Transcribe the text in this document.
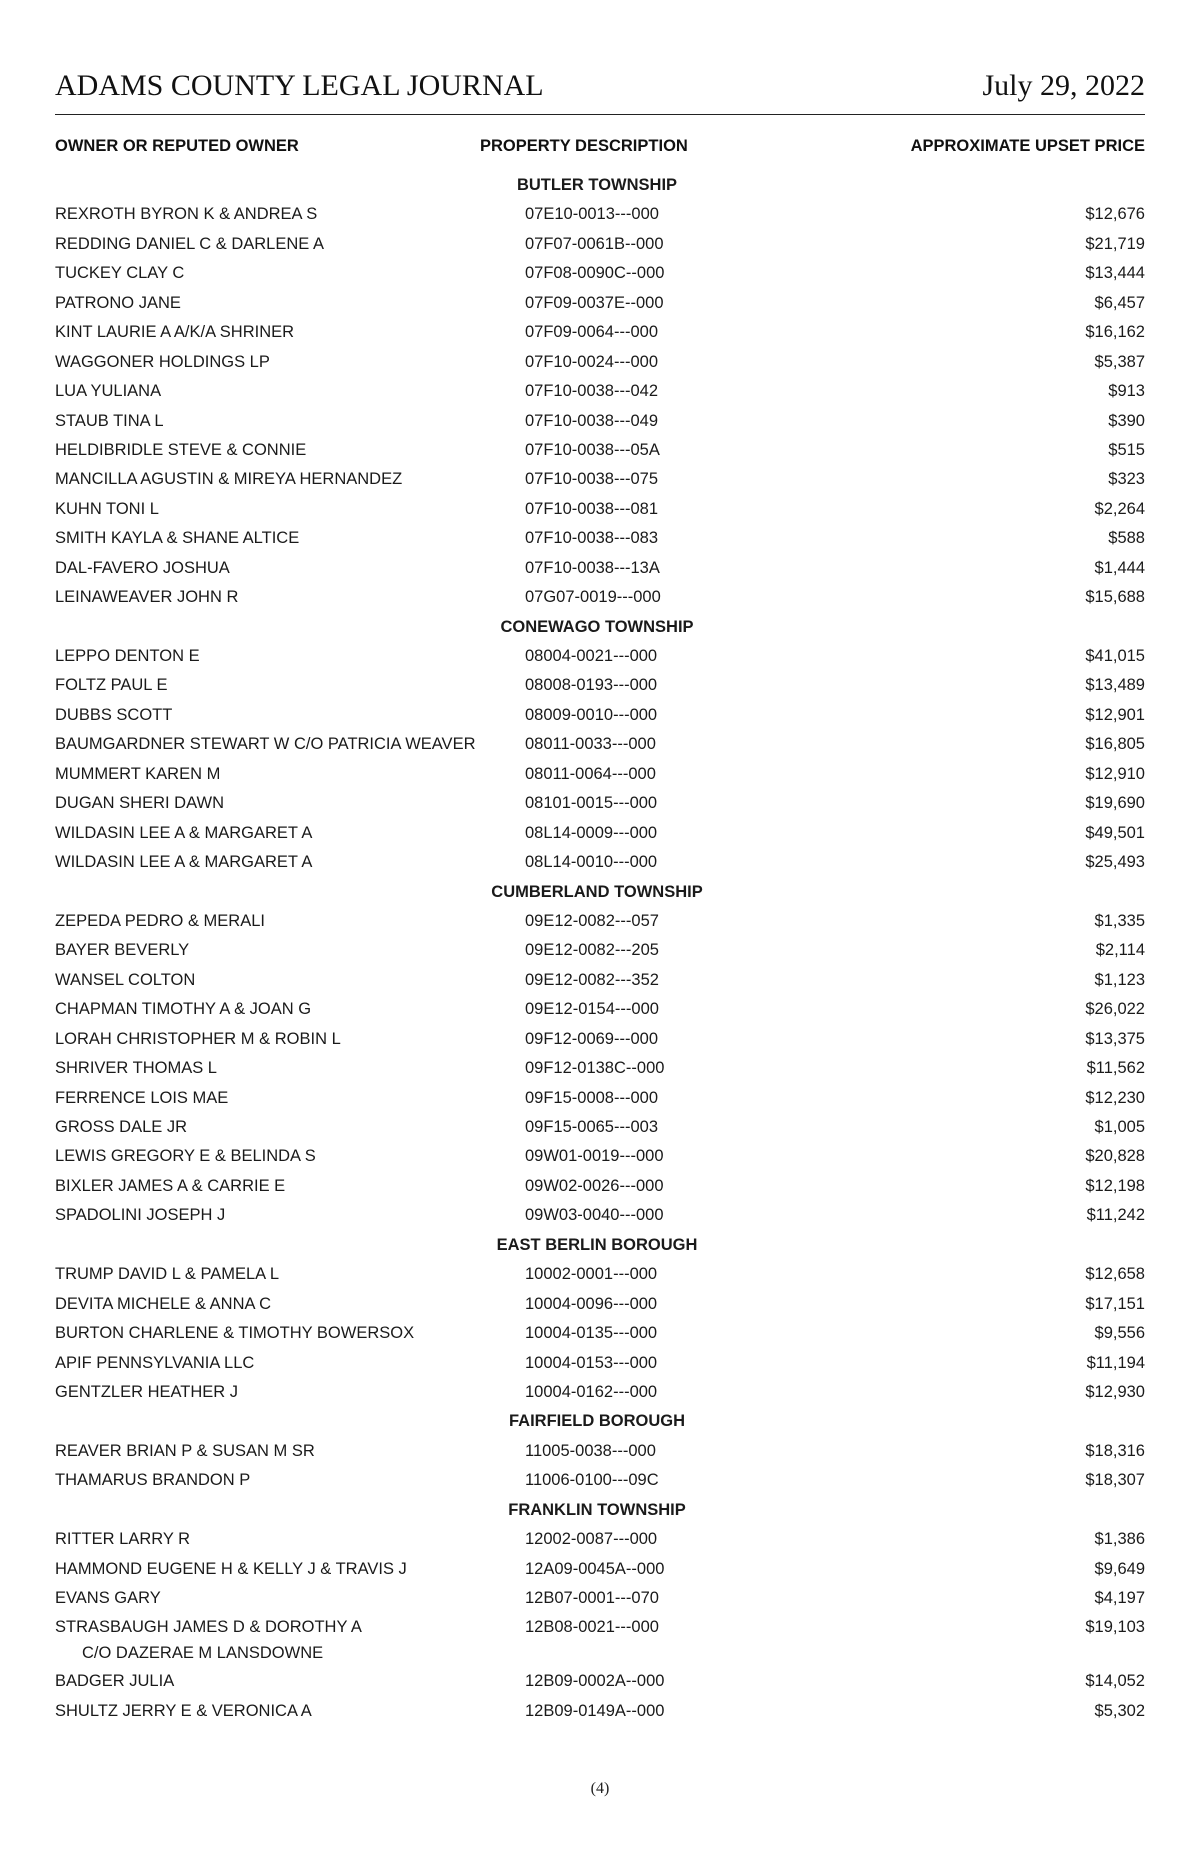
ADAMS COUNTY LEGAL JOURNAL	July 29, 2022
OWNER OR REPUTED OWNER	PROPERTY DESCRIPTION	APPROXIMATE UPSET PRICE
BUTLER TOWNSHIP
REXROTH BYRON K & ANDREA S	07E10-0013---000	$12,676
REDDING DANIEL C & DARLENE A	07F07-0061B--000	$21,719
TUCKEY CLAY C	07F08-0090C--000	$13,444
PATRONO JANE	07F09-0037E--000	$6,457
KINT LAURIE A A/K/A SHRINER	07F09-0064---000	$16,162
WAGGONER HOLDINGS LP	07F10-0024---000	$5,387
LUA YULIANA	07F10-0038---042	$913
STAUB TINA L	07F10-0038---049	$390
HELDIBRIDLE STEVE & CONNIE	07F10-0038---05A	$515
MANCILLA AGUSTIN & MIREYA HERNANDEZ	07F10-0038---075	$323
KUHN TONI L	07F10-0038---081	$2,264
SMITH KAYLA & SHANE ALTICE	07F10-0038---083	$588
DAL-FAVERO JOSHUA	07F10-0038---13A	$1,444
LEINAWEAVER JOHN R	07G07-0019---000	$15,688
CONEWAGO TOWNSHIP
LEPPO DENTON E	08004-0021---000	$41,015
FOLTZ PAUL E	08008-0193---000	$13,489
DUBBS SCOTT	08009-0010---000	$12,901
BAUMGARDNER STEWART W C/O PATRICIA WEAVER	08011-0033---000	$16,805
MUMMERT KAREN M	08011-0064---000	$12,910
DUGAN SHERI DAWN	08101-0015---000	$19,690
WILDASIN LEE A & MARGARET A	08L14-0009---000	$49,501
WILDASIN LEE A & MARGARET A	08L14-0010---000	$25,493
CUMBERLAND TOWNSHIP
ZEPEDA PEDRO & MERALI	09E12-0082---057	$1,335
BAYER BEVERLY	09E12-0082---205	$2,114
WANSEL COLTON	09E12-0082---352	$1,123
CHAPMAN TIMOTHY A & JOAN G	09E12-0154---000	$26,022
LORAH CHRISTOPHER M & ROBIN L	09F12-0069---000	$13,375
SHRIVER THOMAS L	09F12-0138C--000	$11,562
FERRENCE LOIS MAE	09F15-0008---000	$12,230
GROSS DALE JR	09F15-0065---003	$1,005
LEWIS GREGORY E & BELINDA S	09W01-0019---000	$20,828
BIXLER JAMES A & CARRIE E	09W02-0026---000	$12,198
SPADOLINI JOSEPH J	09W03-0040---000	$11,242
EAST BERLIN BOROUGH
TRUMP DAVID L & PAMELA L	10002-0001---000	$12,658
DEVITA MICHELE & ANNA C	10004-0096---000	$17,151
BURTON CHARLENE & TIMOTHY BOWERSOX	10004-0135---000	$9,556
APIF PENNSYLVANIA LLC	10004-0153---000	$11,194
GENTZLER HEATHER J	10004-0162---000	$12,930
FAIRFIELD BOROUGH
REAVER BRIAN P & SUSAN M SR	11005-0038---000	$18,316
THAMARUS BRANDON P	11006-0100---09C	$18,307
FRANKLIN TOWNSHIP
RITTER LARRY R	12002-0087---000	$1,386
HAMMOND EUGENE H & KELLY J & TRAVIS J	12A09-0045A--000	$9,649
EVANS GARY	12B07-0001---070	$4,197
STRASBAUGH JAMES D & DOROTHY A
C/O DAZERAE M LANSDOWNE
12B08-0021---000	$19,103
BADGER JULIA	12B09-0002A--000	$14,052
SHULTZ JERRY E & VERONICA A	12B09-0149A--000	$5,302
(4)
